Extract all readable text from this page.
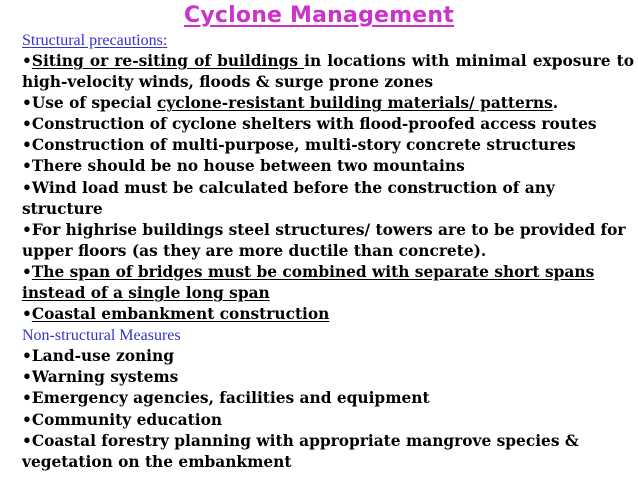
Cyclone Management
Structural precautions:

•Siting or re-siting of buildings in locations with minimal exposure to high-velocity winds, floods & surge prone zones

•Use of special cyclone-resistant building materials/ patterns.

•Construction of cyclone shelters with flood-proofed access routes

•Construction of multi-purpose, multi-story concrete structures

•There should be no house between two mountains

•Wind load must be calculated before the construction of any structure

•For highrise buildings steel structures/ towers are to be provided for upper floors (as they are more ductile than concrete).

•The span of bridges must be combined with separate short spans instead of a single long span

•Coastal embankment construction

Non-structural Measures

•Land-use zoning

•Warning systems

•Emergency agencies, facilities and equipment

•Community education

•Coastal forestry planning with appropriate mangrove species & vegetation on the embankment
